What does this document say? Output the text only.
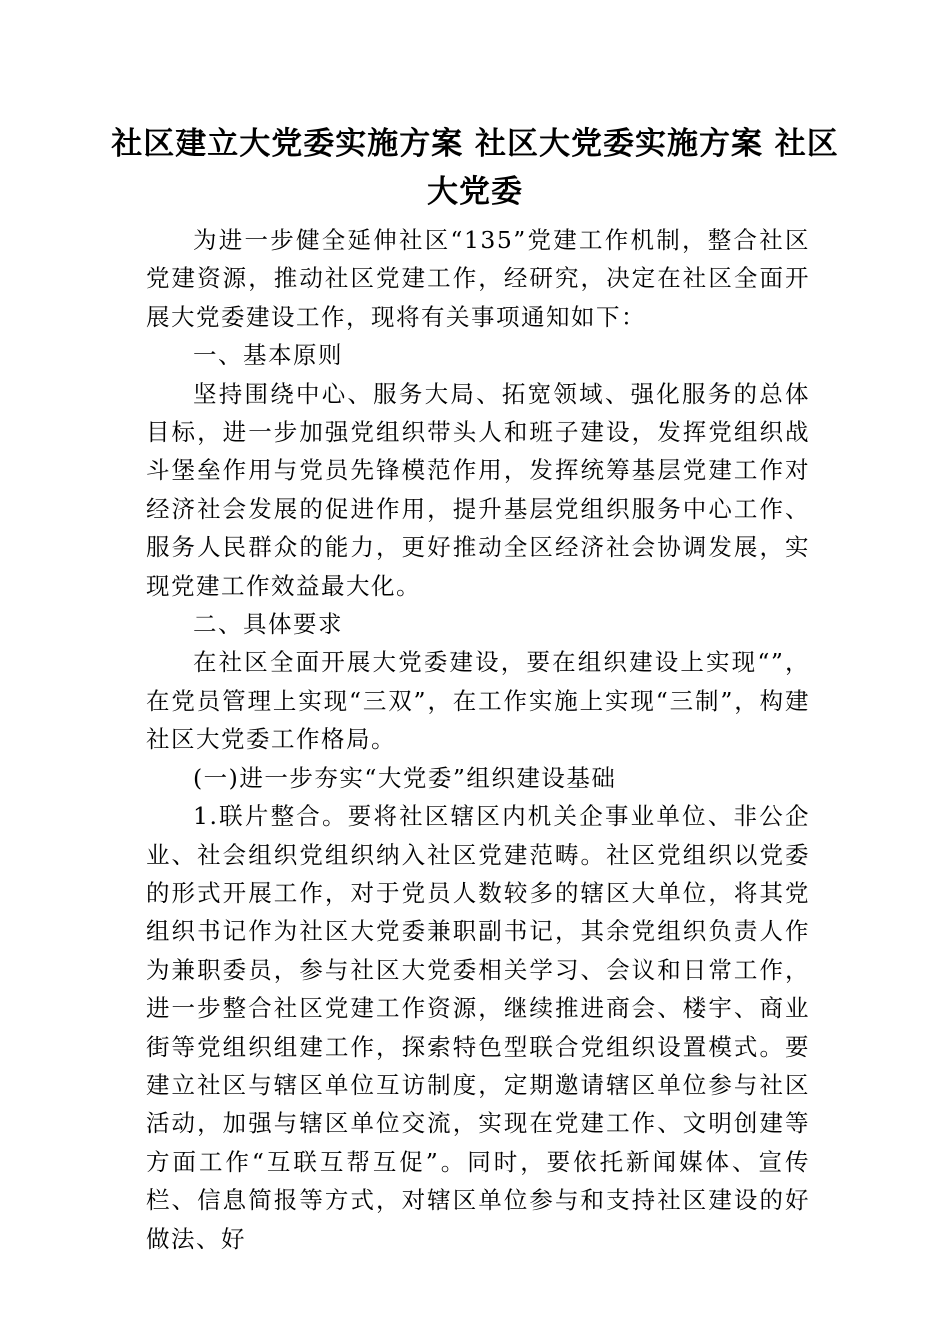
社区建立大党委实施方案 社区大党委实施方案 社区大党委

为进一步健全延伸社区“135”党建工作机制，整合社区党建资源，推动社区党建工作，经研究，决定在社区全面开展大党委建设工作，现将有关事项通知如下：

一、基本原则

坚持围绕中心、服务大局、拓宽领域、强化服务的总体目标，进一步加强党组织带头人和班子建设，发挥党组织战斗堡垒作用与党员先锋模范作用，发挥统筹基层党建工作对经济社会发展的促进作用，提升基层党组织服务中心工作、服务人民群众的能力，更好推动全区经济社会协调发展，实现党建工作效益最大化。

二、具体要求

在社区全面开展大党委建设，要在组织建设上实现“”，在党员管理上实现“三双”，在工作实施上实现“三制”，构建社区大党委工作格局。

(一)进一步夯实“大党委”组织建设基础

1.联片整合。要将社区辖区内机关企事业单位、非公企业、社会组织党组织纳入社区党建范畴。社区党组织以党委的形式开展工作，对于党员人数较多的辖区大单位，将其党组织书记作为社区大党委兼职副书记，其余党组织负责人作为兼职委员，参与社区大党委相关学习、会议和日常工作，进一步整合社区党建工作资源，继续推进商会、楼宇、商业街等党组织组建工作，探索特色型联合党组织设置模式。要建立社区与辖区单位互访制度，定期邀请辖区单位参与社区活动，加强与辖区单位交流，实现在党建工作、文明创建等方面工作“互联互帮互促”。同时，要依托新闻媒体、宣传栏、信息简报等方式，对辖区单位参与和支持社区建设的好做法、好
